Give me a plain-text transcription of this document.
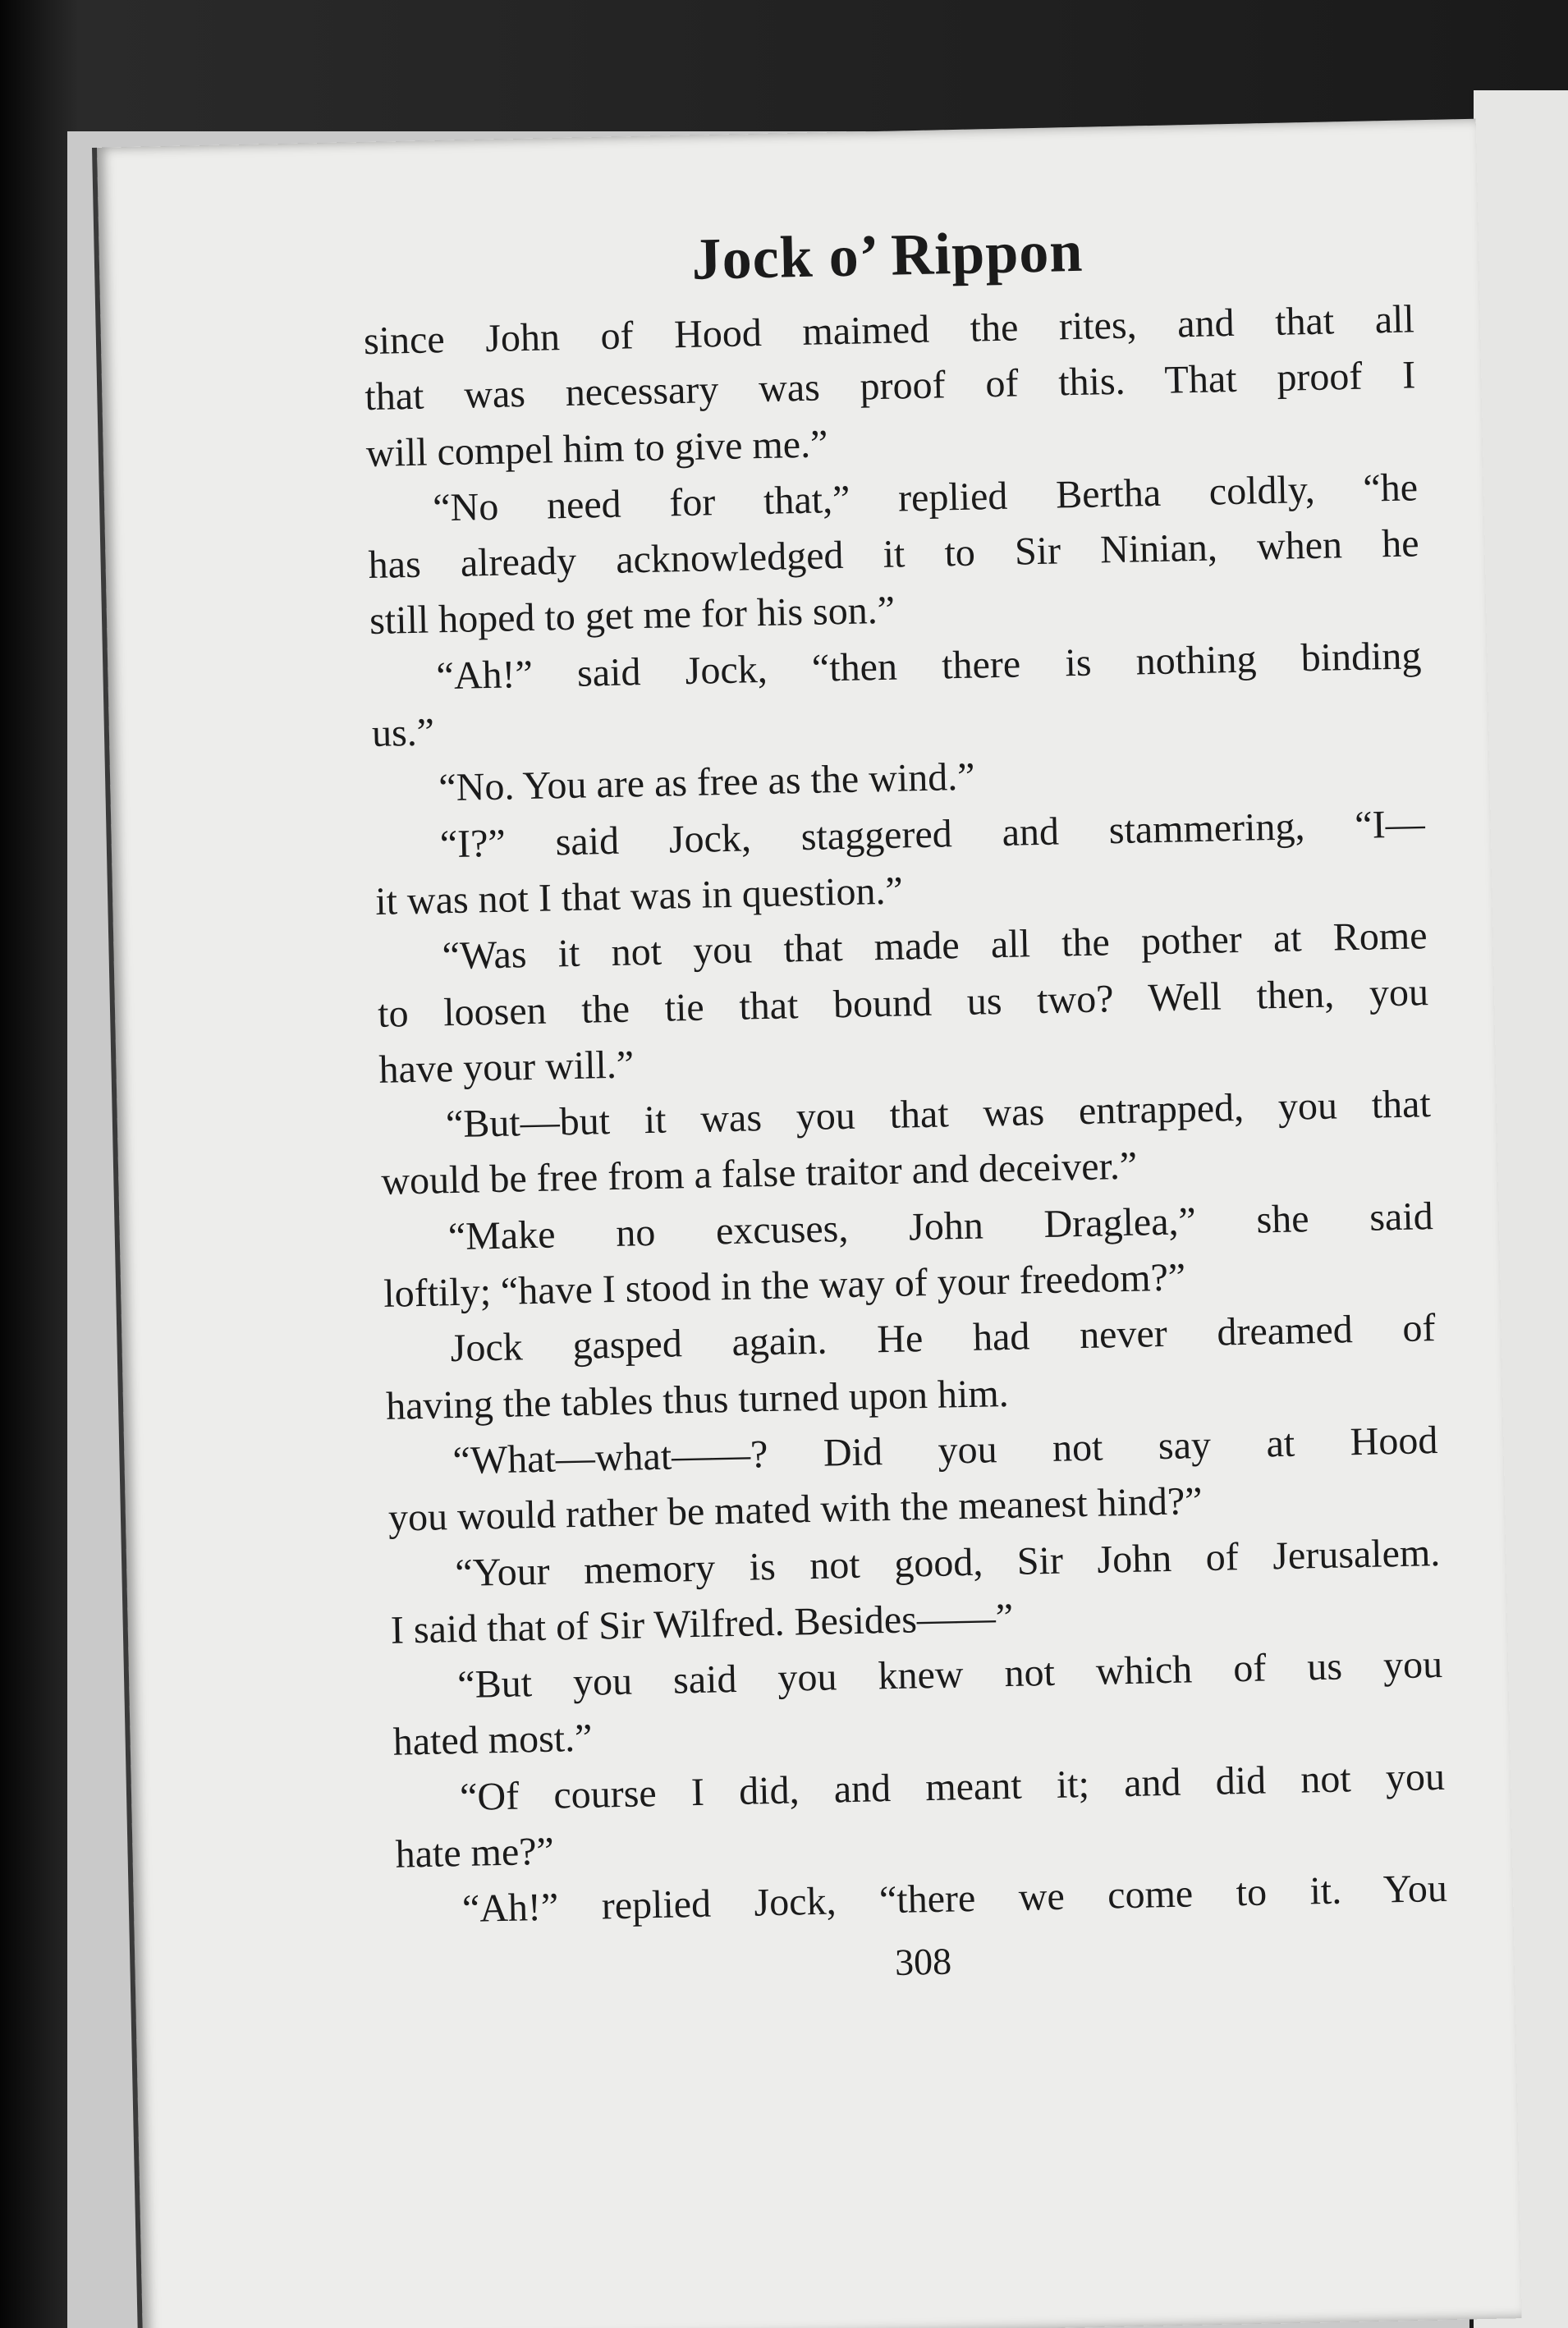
Jock o’ Rippon
since John of Hood maimed the rites, and that all
that was necessary was proof of this. That proof I
will compel him to give me.”
“No need for that,” replied Bertha coldly, “he
has already acknowledged it to Sir Ninian, when he
still hoped to get me for his son.”
“Ah!” said Jock, “then there is nothing binding
us.”
“No. You are as free as the wind.”
“I?” said Jock, staggered and stammering, “I—
it was not I that was in question.”
“Was it not you that made all the pother at Rome
to loosen the tie that bound us two? Well then, you
have your will.”
“But—but it was you that was entrapped, you that
would be free from a false traitor and deceiver.”
“Make no excuses, John Draglea,” she said
loftily; “have I stood in the way of your freedom?”
Jock gasped again. He had never dreamed of
having the tables thus turned upon him.
“What—what——? Did you not say at Hood
you would rather be mated with the meanest hind?”
“Your memory is not good, Sir John of Jerusalem.
I said that of Sir Wilfred. Besides——”
“But you said you knew not which of us you
hated most.”
“Of course I did, and meant it; and did not you
hate me?”
“Ah!” replied Jock, “there we come to it. You
308
